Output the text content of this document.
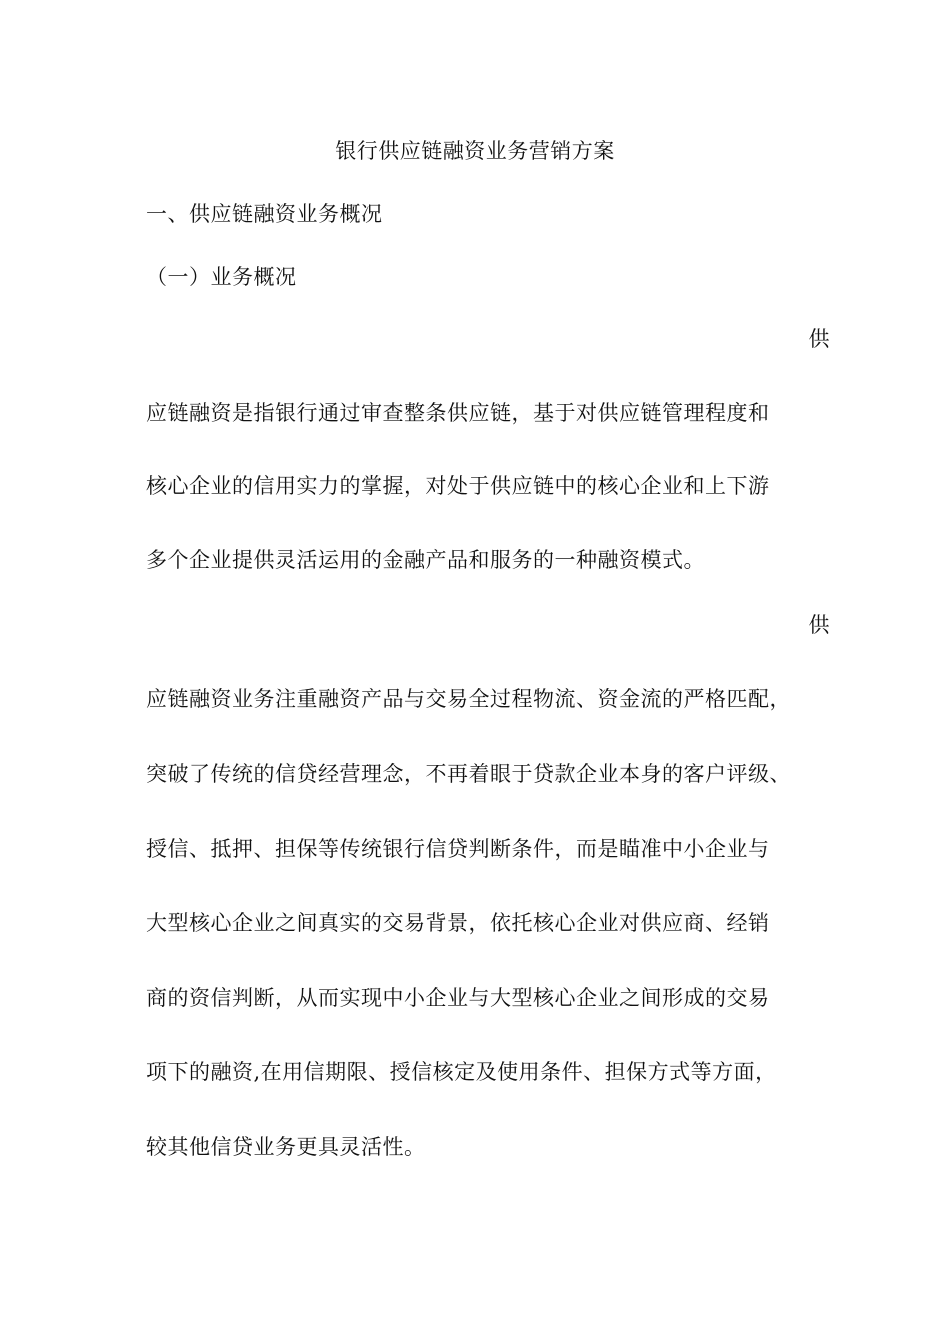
银行供应链融资业务营销方案
一、供应链融资业务概况
（一）业务概况
供
应链融资是指银行通过审查整条供应链，基于对供应链管理程度和
核心企业的信用实力的掌握，对处于供应链中的核心企业和上下游
多个企业提供灵活运用的金融产品和服务的一种融资模式。
供
应链融资业务注重融资产品与交易全过程物流、资金流的严格匹配，
突破了传统的信贷经营理念，不再着眼于贷款企业本身的客户评级、
授信、抵押、担保等传统银行信贷判断条件，而是瞄准中小企业与
大型核心企业之间真实的交易背景，依托核心企业对供应商、经销
商的资信判断，从而实现中小企业与大型核心企业之间形成的交易
项下的融资,在用信期限、授信核定及使用条件、担保方式等方面，
较其他信贷业务更具灵活性。
